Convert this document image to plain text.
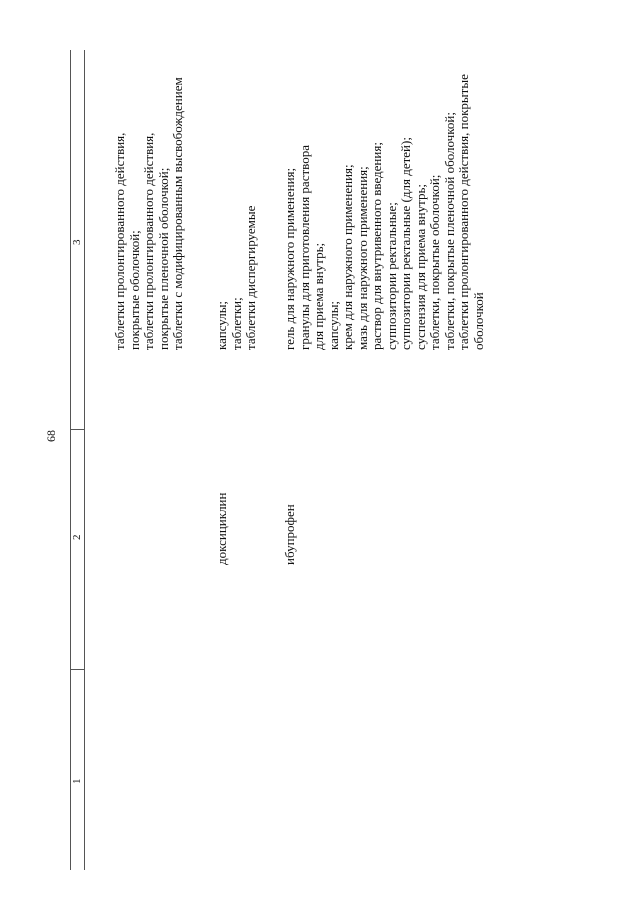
68
1
2
3 таблетки пролонгированного действия, покрытые оболочкой; таблетки пролонгированного действия, покрытые пленочной оболочкой; таблетки с модифицированным высвобождением
доксициклин
капсулы; таблетки; таблетки диспергируемые
ибупрофен
гель для наружного применения; гранулы для приготовления раствора для приема внутрь; капсулы; крем для наружного применения; мазь для наружного применения; раствор для внутривенного введения; суппозитории ректальные; суппозитории ректальные (для детей); суспензия для приема внутрь; таблетки, покрытые оболочкой; таблетки, покрытые пленочной оболочкой; таблетки пролонгированного действия, покрытые оболочкой
